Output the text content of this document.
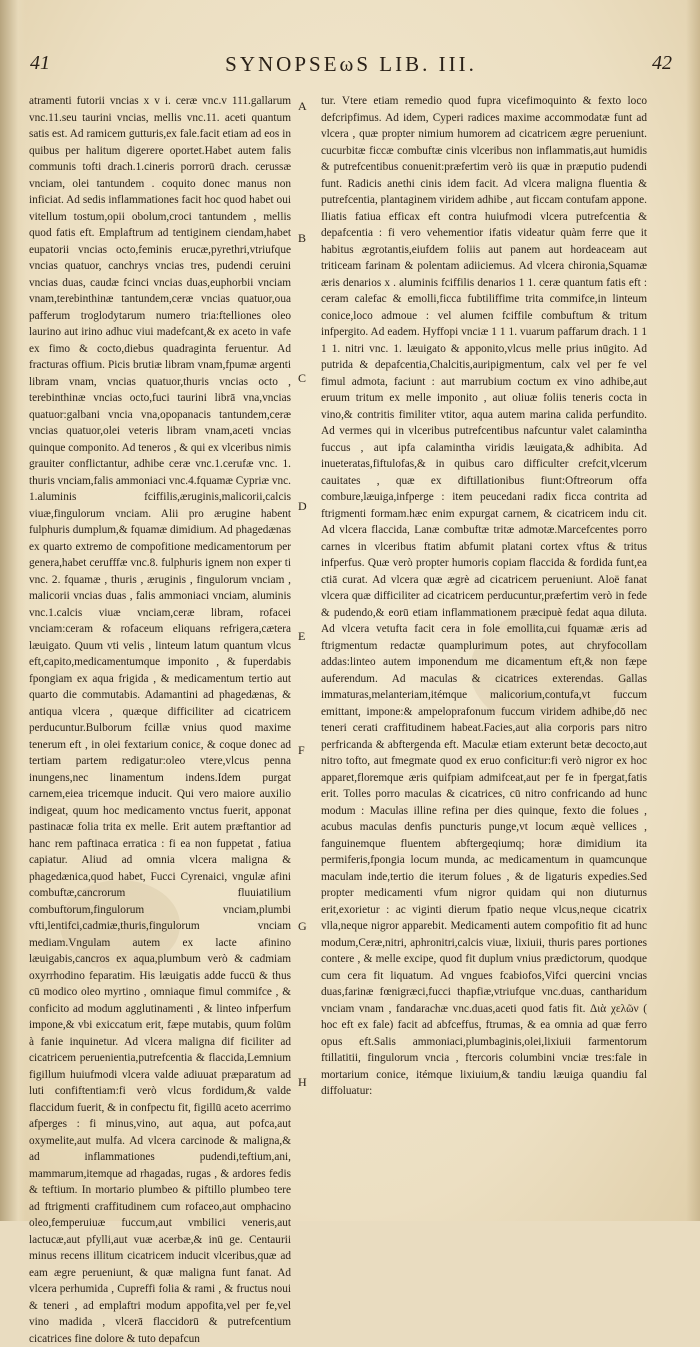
41	SYNOPSEωS LIB. III.	42

atramenti futorii vncias x v i. ceræ vnc.v 111.gallarum vnc.11.seu taurini vncias, mellis vnc.11. aceti quantum satis est. Ad ramicem gutturis,ex fale.facit etiam ad eos in quibus per halitum digerere oportet.Habet autem falis communis tofti drach.1.cineris porrorū drach. cerussæ vnciam, olei tantundem . coquito donec manus non inficiat. Ad sedis inflammationes facit hoc quod habet oui vitellum tostum,opii obolum,croci tantundem , mellis quod fatis eft. Emplaftrum ad tentiginem ciendam,habet eupatorii vncias octo,feminis erucæ,pyrethri,vtriufque vncias quatuor, canchrys vncias tres, pudendi ceruini vncias duas, caudæ fcinci vncias duas,euphorbii vnciam vnam,terebinthinæ tantundem,ceræ vncias quatuor,oua pafferum troglodytarum numero tria:ftelliones oleo laurino aut irino adhuc viui madefcant,& ex aceto in vafe ex fimo & cocto,diebus quadraginta feruentur. Ad fracturas offium. Picis brutiæ libram vnam,fpumæ argenti libram vnam, vncias quatuor,thuris vncias octo , terebinthinæ vncias octo,fuci taurini librā vna,vncias quatuor:galbani vncia vna,opopanacis tantundem,ceræ vncias quatuor,olei veteris libram vnam,aceti vncias quinque componito. Ad teneros , & qui ex vlceribus nimis grauiter conflictantur, adhibe ceræ vnc.1.cerufæ vnc. 1. thuris vnciam,falis ammoniaci vnc.4.fquamæ Cypriæ vnc. 1.aluminis fciffilis,æruginis,malicorii,calcis viuæ,fingulorum vnciam. Alii pro ærugine habent fulphuris dumplum,& fquamæ dimidium. Ad phagedænas ex quarto extremo de compofitione medicamentorum per genera,habet cerufffæ vnc.8. fulphuris ignem non exper ti vnc. 2. fquamæ , thuris , æruginis , fingulorum vnciam , malicorii vncias duas , falis ammoniaci vnciam, aluminis vnc.1.calcis viuæ vnciam,ceræ libram, rofacei vnciam:ceram & rofaceum eliquans refrigera,cætera læuigato. Quum vti velis , linteum latum quantum vlcus eft,capito,medicamentumque imponito , & fuperdabis fpongiam ex aqua frigida , & medicamentum tertio aut quarto die commutabis. Adamantini ad phagedænas, & antiqua vlcera , quæque difficiliter ad cicatricem perducuntur.Bulborum fcillæ vnius quod maxime tenerum eft , in olei fextarium conicε, & coque donec ad tertiam partem redigatur:oleo vtere,vlcus penna inungens,nec linamentum indens.Idem purgat carnem,eiea tricemque inducit. Qui vero maiore auxilio indigeat, quum hoc medicamento vnctus fuerit, apponat pastinacæ folia trita ex melle. Erit autem præftantior ad hanc rem paftinaca erratica : fi ea non fuppetat , fatiua capiatur. Aliud ad omnia vlcera maligna & phagedænica,quod habet, Fucci Cyrenaici, vngulæ afini combuftæ,cancrorum fluuiatilium combuftorum,fingulorum vnciam,plumbi vfti,lentifci,cadmiæ,thuris,fingulorum vnciam mediam.Vngulam autem ex lacte afinino læuigabis,cancros ex aqua,plumbum verò & cadmiam oxyrrhodino feparatim. His læuigatis adde fuccū & thus cū modico oleo myrtino , omniaque fimul commifce , & conficito ad modum agglutinamenti , & linteo infperfum impone,& vbi exiccatum erit, fæpe mutabis, quum folūm à fanie inquinetur. Ad vlcera maligna dif ficiliter ad cicatricem peruenientia,putrefcentia & flaccida,Lemnium figillum huiufmodi vlcera valde adiuuat præparatum ad luti confiftentiam:fi verò vlcus fordidum,& valde flaccidum fuerit, & in confpectu fit, figillū aceto acerrimo afperges : fi minus,vino, aut aqua, aut pofca,aut oxymelite,aut mulfa. Ad vlcera carcinode & maligna,& ad inflammationes pudendi,teftium,ani, mammarum,itemque ad rhagadas, rugas , & ardores fedis & teftium. In mortario plumbeo & piftillo plumbeo tere ad ftrigmenti craffitudinem cum rofaceo,aut omphacino oleo,femperuiuæ fuccum,aut vmbilici veneris,aut lactucæ,aut pfylli,aut vuæ acerbæ,& inū ge. Centaurii minus recens illitum cicatricem inducit vlceribus,quæ ad eam ægre perueniunt, & quæ maligna funt fanat. Ad vlcera perhumida , Cupreffi folia & rami , & fructus noui & teneri , ad emplaftri modum appofita,vel per fe,vel vino madida , vlcerā flaccidorū & putrefcentium cicatrices fine dolore & tuto depafcun

A
B
C
D
E
F
G
H

tur. Vtere etiam remedio quod fupra vicefimoquinto & fexto loco defcripfimus. Ad idem, Cyperi radices maxime accommodatæ funt ad vlcera , quæ propter nimium humorem ad cicatricem ægre perueniunt. cucurbitæ ficcæ combuftæ cinis vlceribus non inflammatis,aut humidis & putrefcentibus conuenit:præfertim verò iis quæ in præputio pudendi funt. Radicis anethi cinis idem facit. Ad vlcera maligna fluentia & putrefcentia, plantaginem viridem adhibe , aut ficcam contufam appone. Iliatis fatiua efficax eft contra huiufmodi vlcera putrefcentia & depafcentia : fi vero vehementior ifatis videatur quàm ferre que it habitus ægrotantis,eiufdem foliis aut panem aut hordeaceam aut triticeam farinam & polentam adiiciemus. Ad vlcera chironia,Squamæ æris denarios x . aluminis fciffilis denarios 1 1. ceræ quantum fatis eft : ceram calefac & emolli,ficca fubtiliffime trita commifce,in linteum conice,loco admoue : vel alumen fciffile combuftum & tritum infpergito. Ad eadem. Hyffopi vnciæ 1 1 1. vuarum paffarum drach. 1 1 1 1. nitri vnc. 1. læuigato & apponito,vlcus melle prius inūgito. Ad putrida & depafcentia,Chalcitis,auripigmentum, calx vel per fe vel fimul admota, faciunt : aut marrubium coctum ex vino adhibe,aut eruum tritum ex melle imponito , aut oliuæ foliis teneris cocta in vino,& contritis fimiliter vtitor, aqua autem marina calida perfundito. Ad vermes qui in vlceribus putrefcentibus nafcuntur valet calamintha fuccus , aut ipfa calamintha viridis læuigata,& adhibita. Ad inueteratas,fiftulofas,& in quibus caro difficulter crefcit,vlcerum cauitates , quæ ex diftillationibus fiunt:Oftreorum offa combure,læuiga,infperge : item peucedani radix ficca contrita ad ftrigmenti formam.hæc enim expurgat carnem, & cicatricem indu cit. Ad vlcera flaccida, Lanæ combuftæ tritæ admotæ.Marcefcentes porro carnes in vlceribus ftatim abfumit platani cortex vftus & tritus infperfus. Quæ verò propter humoris copiam flaccida & fordida funt,ea ctiā curat. Ad vlcera quæ ægrè ad cicatricem perueniunt. Aloë fanat vlcera quæ difficiliter ad cicatricem perducuntur,præfertim verò in fede & pudendo,& eorū etiam inflammationem præcipuè fedat aqua diluta. Ad vlcera vetufta facit cera in fole emollita,cui fquamæ æris ad ftrigmentum redactæ quamplurimum potes, aut chryfocollam addas:linteo autem imponendum me dicamentum eft,& non fæpe auferendum. Ad maculas & cicatrices exterendas. Gallas immaturas,melanteriam,itémque malicorium,contufa,vt fuccum emittant, impone:& ampeloprafonum fuccum viridem adhibe,dō nec teneri cerati craffitudinem habeat.Facies,aut alia corporis pars nitro perfricanda & abftergenda eft. Maculæ etiam exterunt betæ decocto,aut nitro tofto, aut fmegmate quod ex eruo conficitur:fi verò nigror ex hoc apparet,floremque æris quifpiam admifceat,aut per fe in fpergat,fatis erit. Tolles porro maculas & cicatrices, cū nitro confricando ad hunc modum : Maculas illine refina per dies quinque, fexto die folues , acubus maculas denfis puncturis punge,vt locum æquè vellices , fanguinemque fluentem abftergeqiumq; horæ dimidium ita permiferis,fpongia locum munda, ac medicamentum in quamcunque maculam inde,tertio die iterum folues , & de ligaturis expedies.Sed propter medicamenti vfum nigror quidam qui non diuturnus erit,exorietur : ac viginti dierum fpatio neque vlcus,neque cicatrix vlla,neque nigror apparebit. Medicamenti autem compofitio fit ad hunc modum,Ceræ,nitri, aphronitri,calcis viuæ, lixiuii, thuris pares portiones contere , & melle excipe, quod fit duplum vnius prædictorum, quodque cum cera fit liquatum. Ad vngues fcabiofos,Vifci quercini vncias duas,farinæ fœnigræci,fucci thapfiæ,vtriufque vnc.duas, cantharidum vnciam vnam , fandarachæ vnc.duas,aceti quod fatis fit. Διὰ χελῶν ( hoc eft ex fale) facit ad abfceffus, ftrumas, & ea omnia ad quæ ferro opus eft.Salis ammoniaci,plumbaginis,olei,lixiuii farmentorum ftillatitii, fingulorum vncia , ftercoris columbini vnciæ tres:fale in mortarium conice, itémque lixiuium,& tandiu læuiga quandiu fal diffoluatur:
